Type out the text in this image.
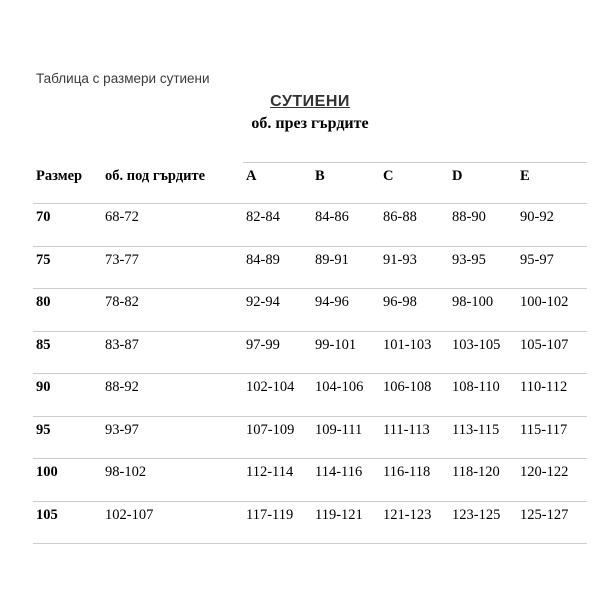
Таблица с размери сутиени
СУТИЕНИ
об. през гърдите
Размер	об. под гърдите	A	B	C	D	E
70	68-72	82-84	84-86	86-88	88-90	90-92
75	73-77	84-89	89-91	91-93	93-95	95-97
80	78-82	92-94	94-96	96-98	98-100	100-102
85	83-87	97-99	99-101	101-103	103-105	105-107
90	88-92	102-104	104-106	106-108	108-110	110-112
95	93-97	107-109	109-111	111-113	113-115	115-117
100	98-102	112-114	114-116	116-118	118-120	120-122
105	102-107	117-119	119-121	121-123	123-125	125-127
